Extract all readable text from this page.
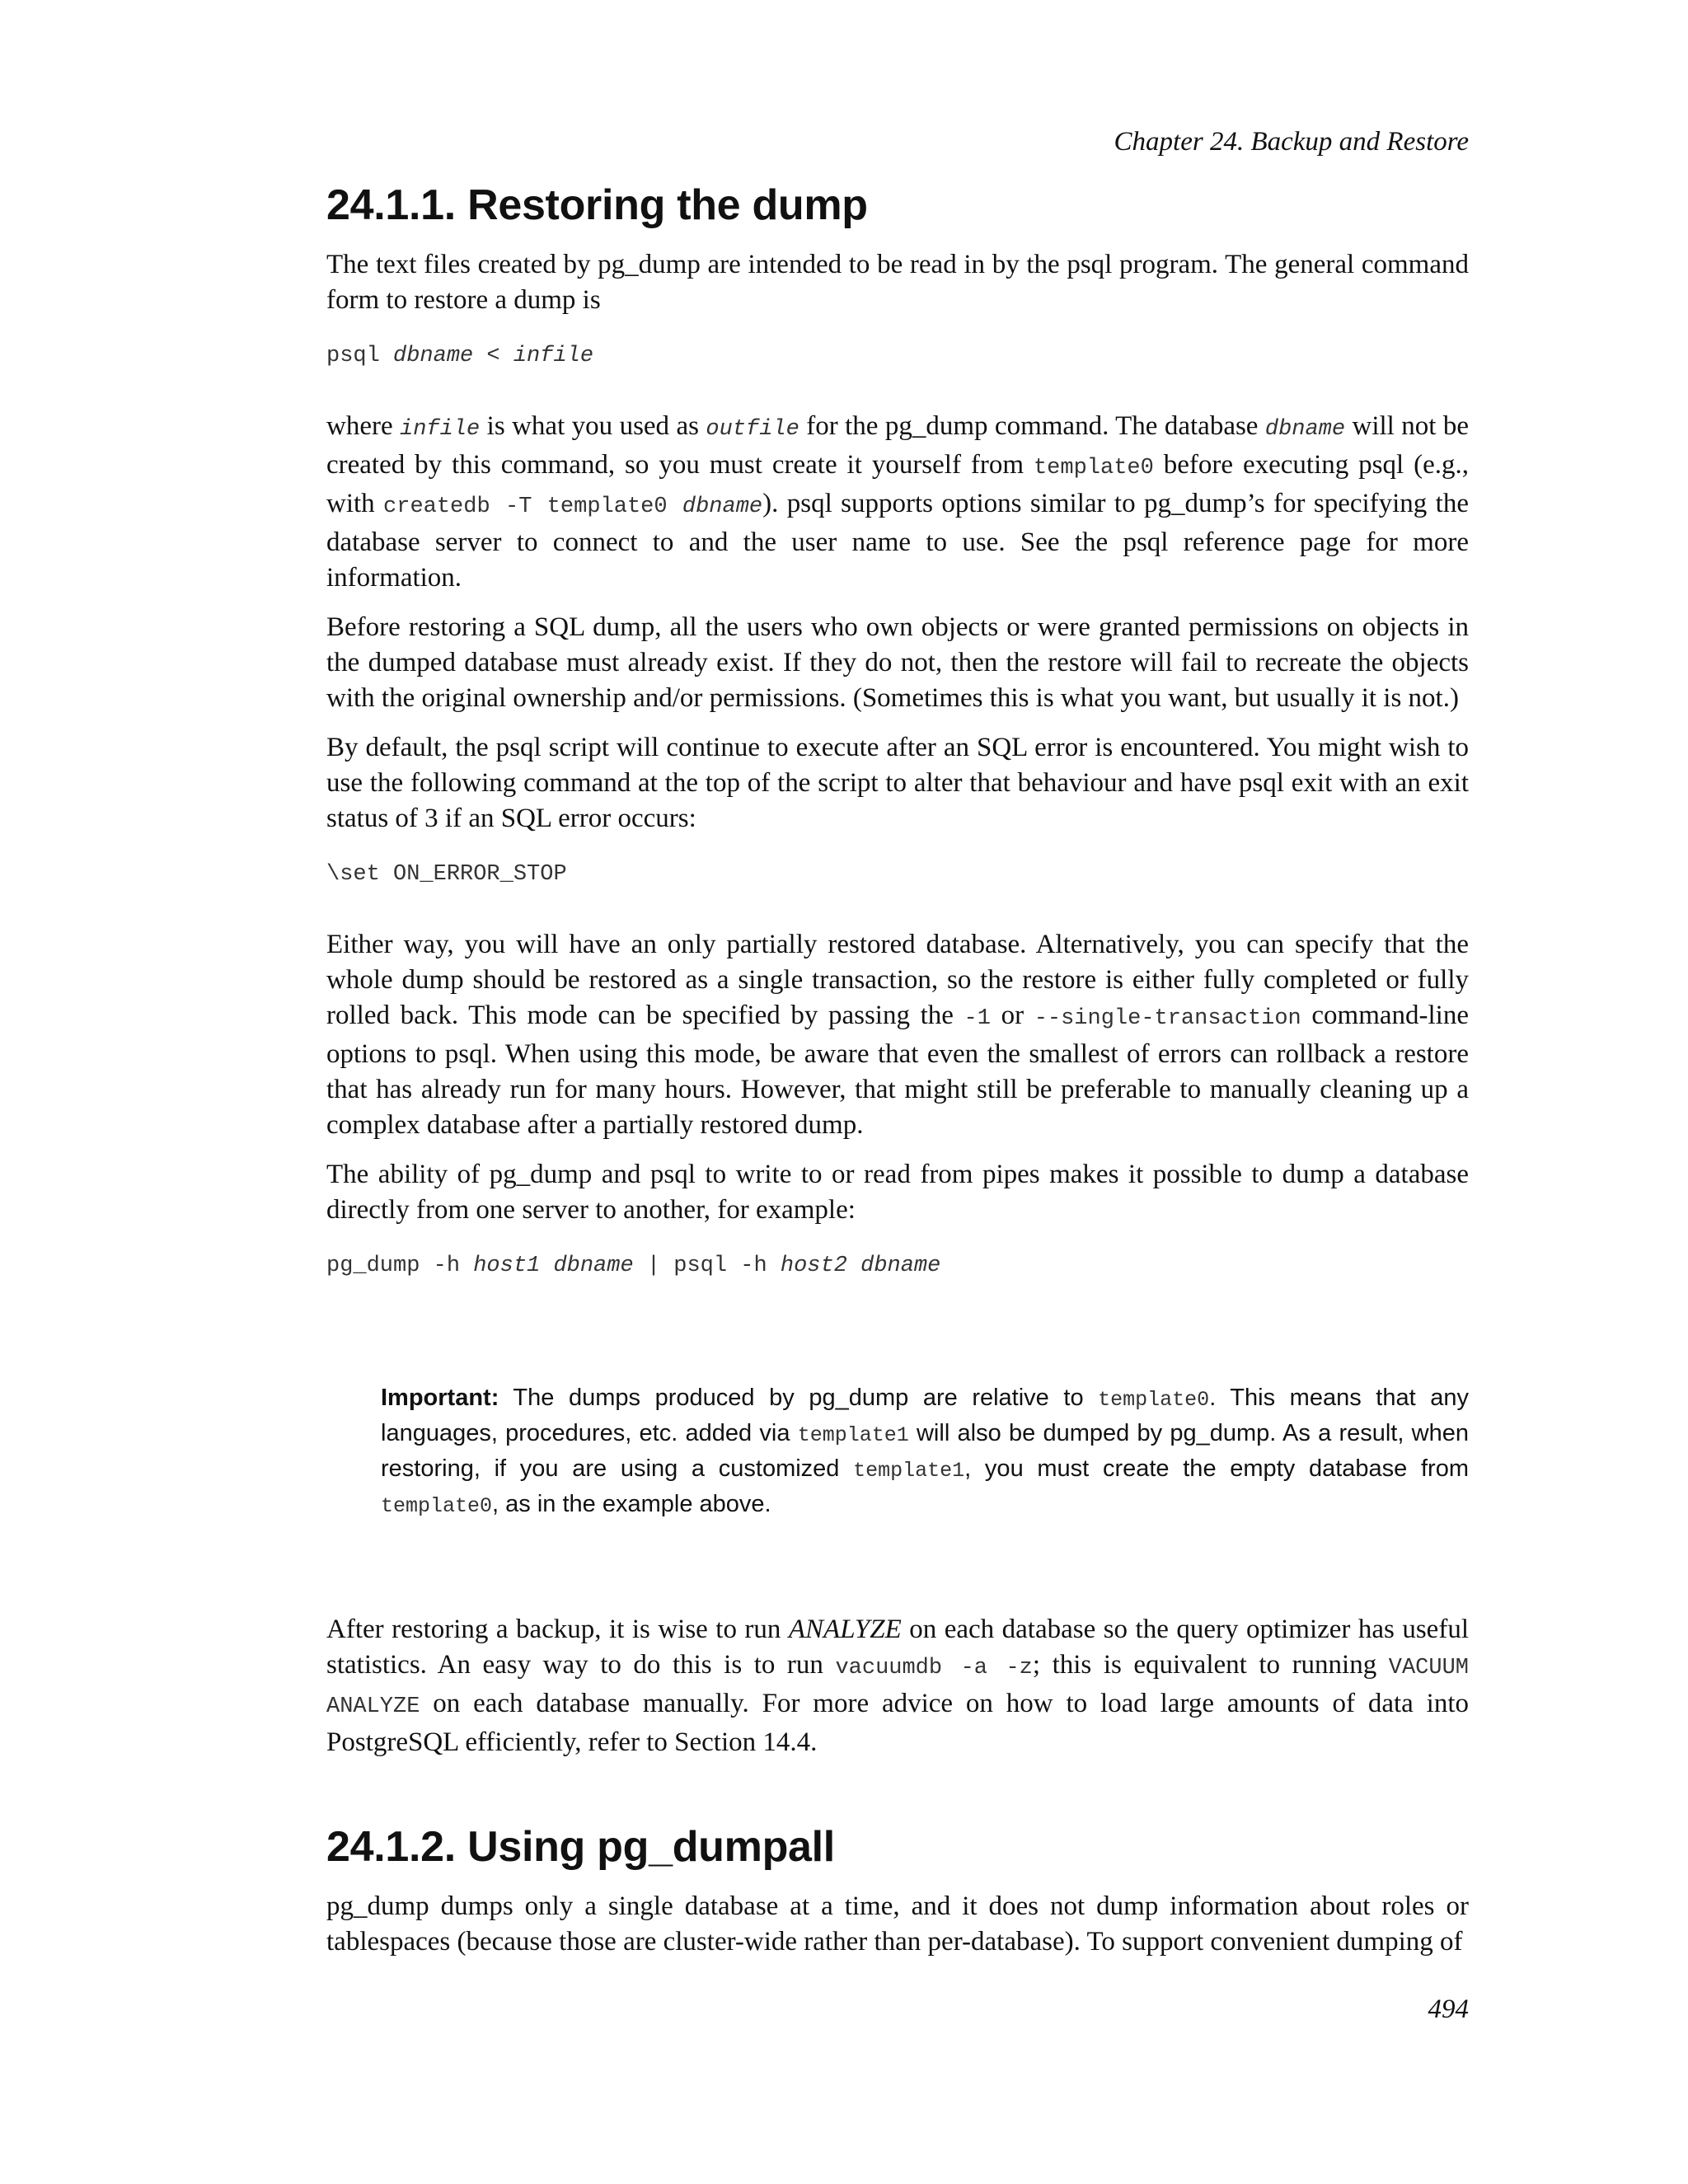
Chapter 24. Backup and Restore
24.1.1. Restoring the dump

The text files created by pg_dump are intended to be read in by the psql program. The general command form to restore a dump is

psql dbname < infile

where infile is what you used as outfile for the pg_dump command. The database dbname will not be created by this command, so you must create it yourself from template0 before executing psql (e.g., with createdb -T template0 dbname). psql supports options similar to pg_dump’s for specifying the database server to connect to and the user name to use. See the psql reference page for more information.

Before restoring a SQL dump, all the users who own objects or were granted permissions on objects in the dumped database must already exist. If they do not, then the restore will fail to recreate the objects with the original ownership and/or permissions. (Sometimes this is what you want, but usually it is not.)

By default, the psql script will continue to execute after an SQL error is encountered. You might wish to use the following command at the top of the script to alter that behaviour and have psql exit with an exit status of 3 if an SQL error occurs:

\set ON_ERROR_STOP

Either way, you will have an only partially restored database. Alternatively, you can specify that the whole dump should be restored as a single transaction, so the restore is either fully completed or fully rolled back. This mode can be specified by passing the -1 or --single-transaction command-line options to psql. When using this mode, be aware that even the smallest of errors can rollback a restore that has already run for many hours. However, that might still be preferable to manually cleaning up a complex database after a partially restored dump.

The ability of pg_dump and psql to write to or read from pipes makes it possible to dump a database directly from one server to another, for example:

pg_dump -h host1 dbname | psql -h host2 dbname
Important: The dumps produced by pg_dump are relative to template0. This means that any languages, procedures, etc. added via template1 will also be dumped by pg_dump. As a result, when restoring, if you are using a customized template1, you must create the empty database from template0, as in the example above.

After restoring a backup, it is wise to run ANALYZE on each database so the query optimizer has useful statistics. An easy way to do this is to run vacuumdb -a -z; this is equivalent to running VACUUM ANALYZE on each database manually. For more advice on how to load large amounts of data into PostgreSQL efficiently, refer to Section 14.4.

24.1.2. Using pg_dumpall

pg_dump dumps only a single database at a time, and it does not dump information about roles or tablespaces (because those are cluster-wide rather than per-database). To support convenient dumping of

494
